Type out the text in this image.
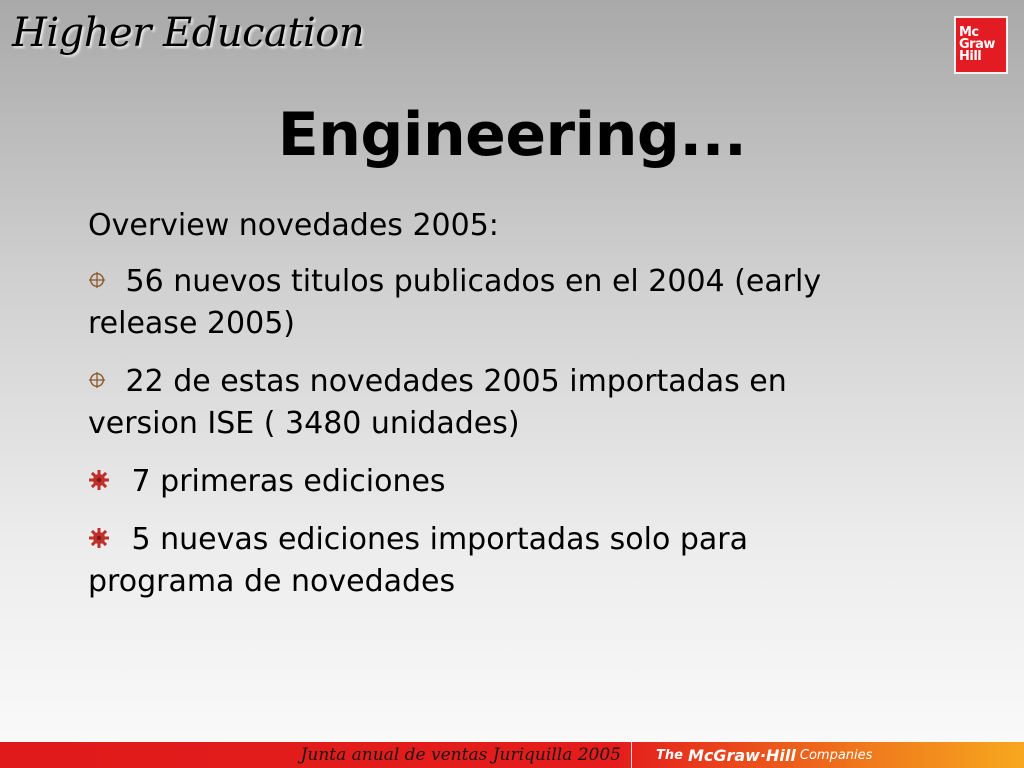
Higher Education	Mc
Graw
Hill
Engineering...

Overview novedades 2005:

56 nuevos titulos publicados en el 2004 (early release 2005)

22 de estas novedades 2005 importadas en version ISE ( 3480 unidades)

7 primeras ediciones

5 nuevas ediciones importadas solo para programa de novedades

Junta anual de ventas Juriquilla 2005	The McGraw·Hill Companies
